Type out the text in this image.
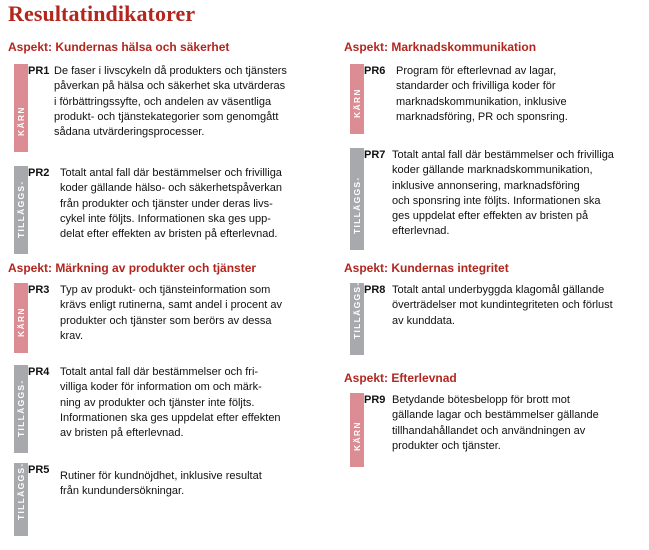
Resultatindikatorer
Aspekt: Kundernas hälsa och säkerhet
KÄRN
PR1 De faser i livscykeln då produkters och tjänsters
påverkan på hälsa och säkerhet ska utvärderas
i förbättringssyfte, och andelen av väsentliga
produkt- och tjänstekategorier som genomgått
sådana utvärderingsprocesser.
TILLÄGGS-
PR2 Totalt antal fall där bestämmelser och frivilliga
koder gällande hälso- och säkerhetspåverkan
från produkter och tjänster under deras livs-
cykel inte följts. Informationen ska ges upp-
delat efter effekten av bristen på efterlevnad.
Aspekt: Märkning av produkter och tjänster
KÄRN
PR3 Typ av produkt- och tjänsteinformation som
krävs enligt rutinerna, samt andel i procent av
produkter och tjänster som berörs av dessa
krav.
TILLÄGGS-
PR4 Totalt antal fall där bestämmelser och fri-
villiga koder för information om och märk-
ning av produkter och tjänster inte följts.
Informationen ska ges uppdelat efter effekten
av bristen på efterlevnad.
TILLÄGGS- PR5 Rutiner för kundnöjdhet, inklusive resultat
från kundundersökningar.
Aspekt: Marknadskommunikation
KÄRN
PR6 Program för efterlevnad av lagar,
standarder och frivilliga koder för
marknadskommunikation, inklusive
marknadsföring, PR och sponsring.
TILLÄGGS-
PR7 Totalt antal fall där bestämmelser och frivilliga
koder gällande marknadskommunikation,
inklusive annonsering, marknadsföring
och sponsring inte följts. Informationen ska
ges uppdelat efter effekten av bristen på
efterlevnad.
Aspekt: Kundernas integritet
TILLÄGGS- PR8 Totalt antal underbyggda klagomål gällande
överträdelser mot kundintegriteten och förlust
av kunddata.
Aspekt: Efterlevnad
KÄRN
PR9 Betydande bötesbelopp för brott mot
gällande lagar och bestämmelser gällande
tillhandahållandet och användningen av
produkter och tjänster.
